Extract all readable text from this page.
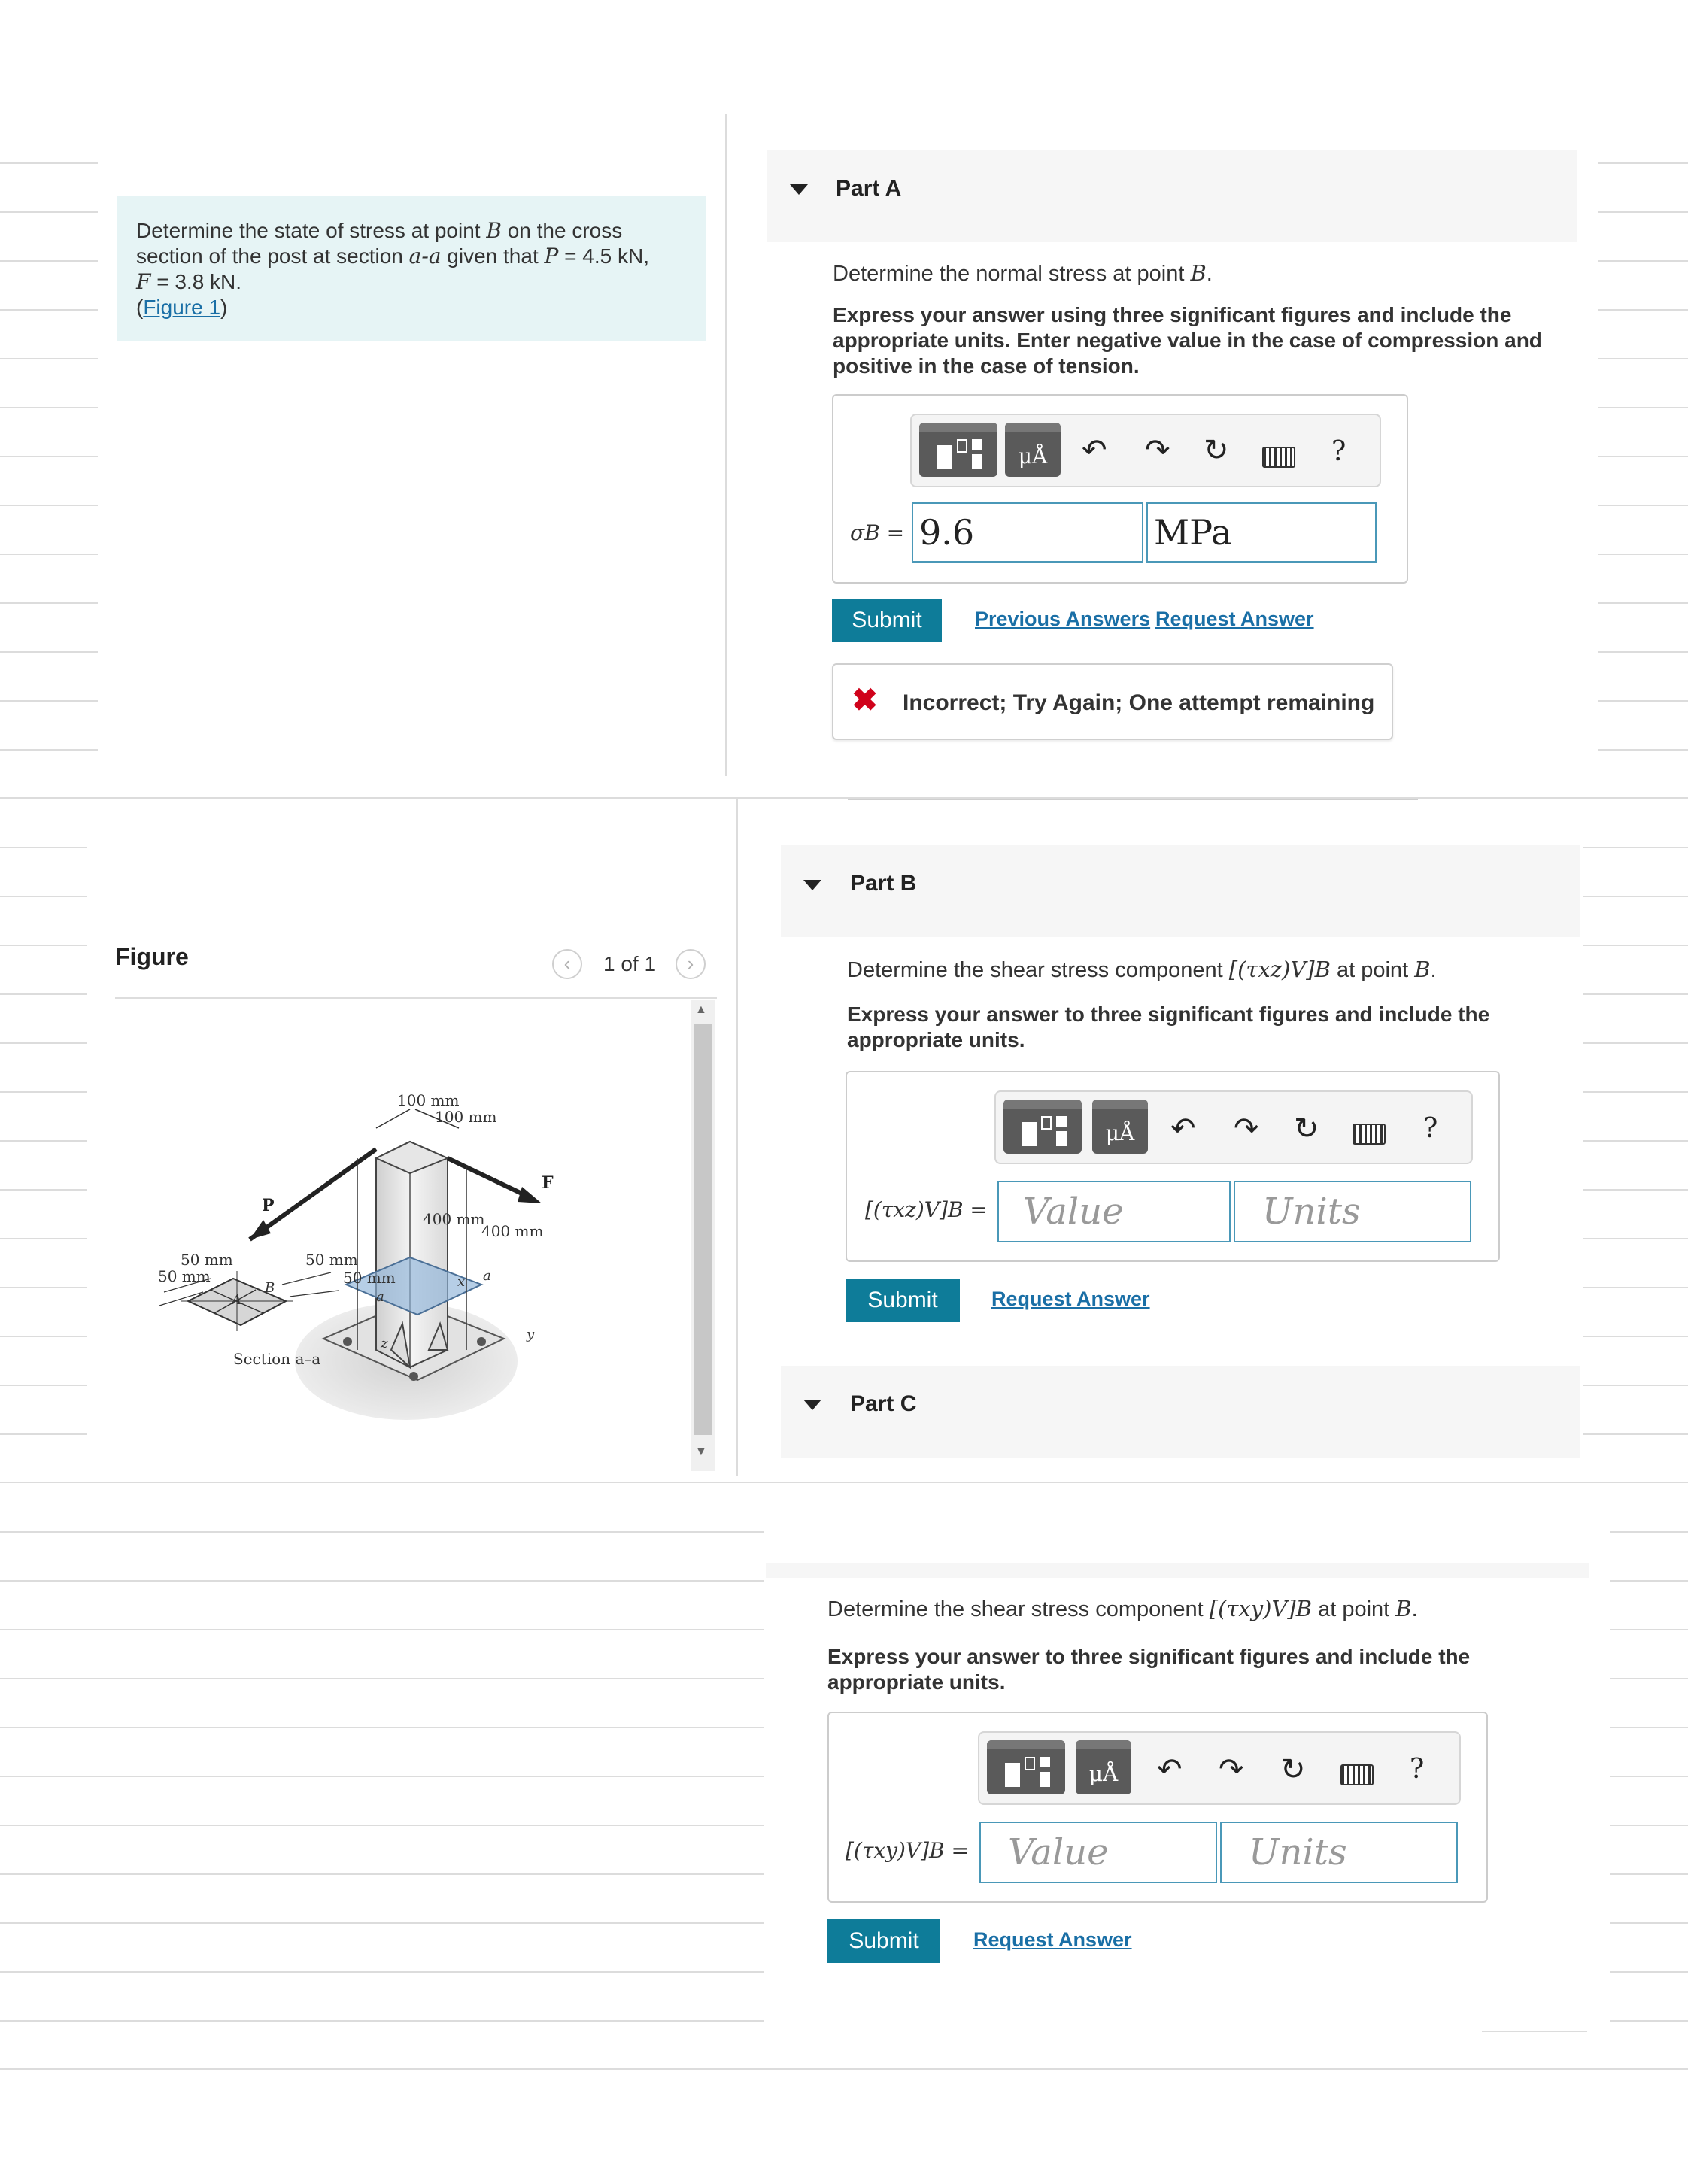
Determine the state of stress at point B on the cross
section of the post at section a-a given that P = 4.5 kN,
F = 3.8 kN.
(Figure 1)
Figure	‹	1 of 1	›
▲
▼
100 mm
100 mm
400 mm
400 mm
50 mm
50 mm
50 mm
50 mm
A
B
Section a–a
z
x
y
a
a
P
F
Part A
Determine the normal stress at point B.
Express your answer using three significant figures and include the appropriate units. Enter negative value in the case of compression and positive in the case of tension.
μÅ	↶ ↷ ↻	?
σB = 9.6	MPa
Submit	Previous Answers Request Answer
✖ Incorrect; Try Again; One attempt remaining
Part B
Determine the shear stress component [(τxz)V]B at point B.
Express your answer to three significant figures and include the appropriate units.
μÅ	↶ ↷ ↻	?
[(τxz)V]B = Value	Units
Submit	Request Answer
Part C
Determine the shear stress component [(τxy)V]B at point B.
Express your answer to three significant figures and include the appropriate units.
μÅ	↶ ↷ ↻	?
[(τxy)V]B =	Value	Units
Submit	Request Answer
